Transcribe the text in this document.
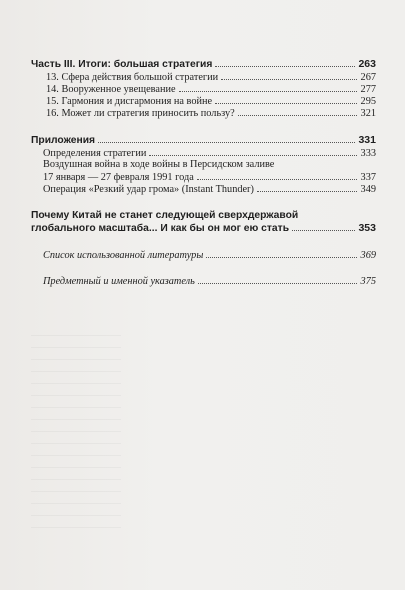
Часть III. Итоги: большая стратегия	263
13. Сфера действия большой стратегии	267
14. Вооруженное увещевание	277
15. Гармония и дисгармония на войне	295
16. Может ли стратегия приносить пользу?	321
Приложения	331
Определения стратегии	333
Воздушная война в ходе войны в Персидском заливе
17 января — 27 февраля 1991 года	337
Операция «Резкий удар грома» (Instant Thunder)	349
Почему Китай не станет следующей сверхдержавой
глобального масштаба... И как бы он мог ею стать	353
Список использованной литературы	369
Предметный и именной указатель	375
